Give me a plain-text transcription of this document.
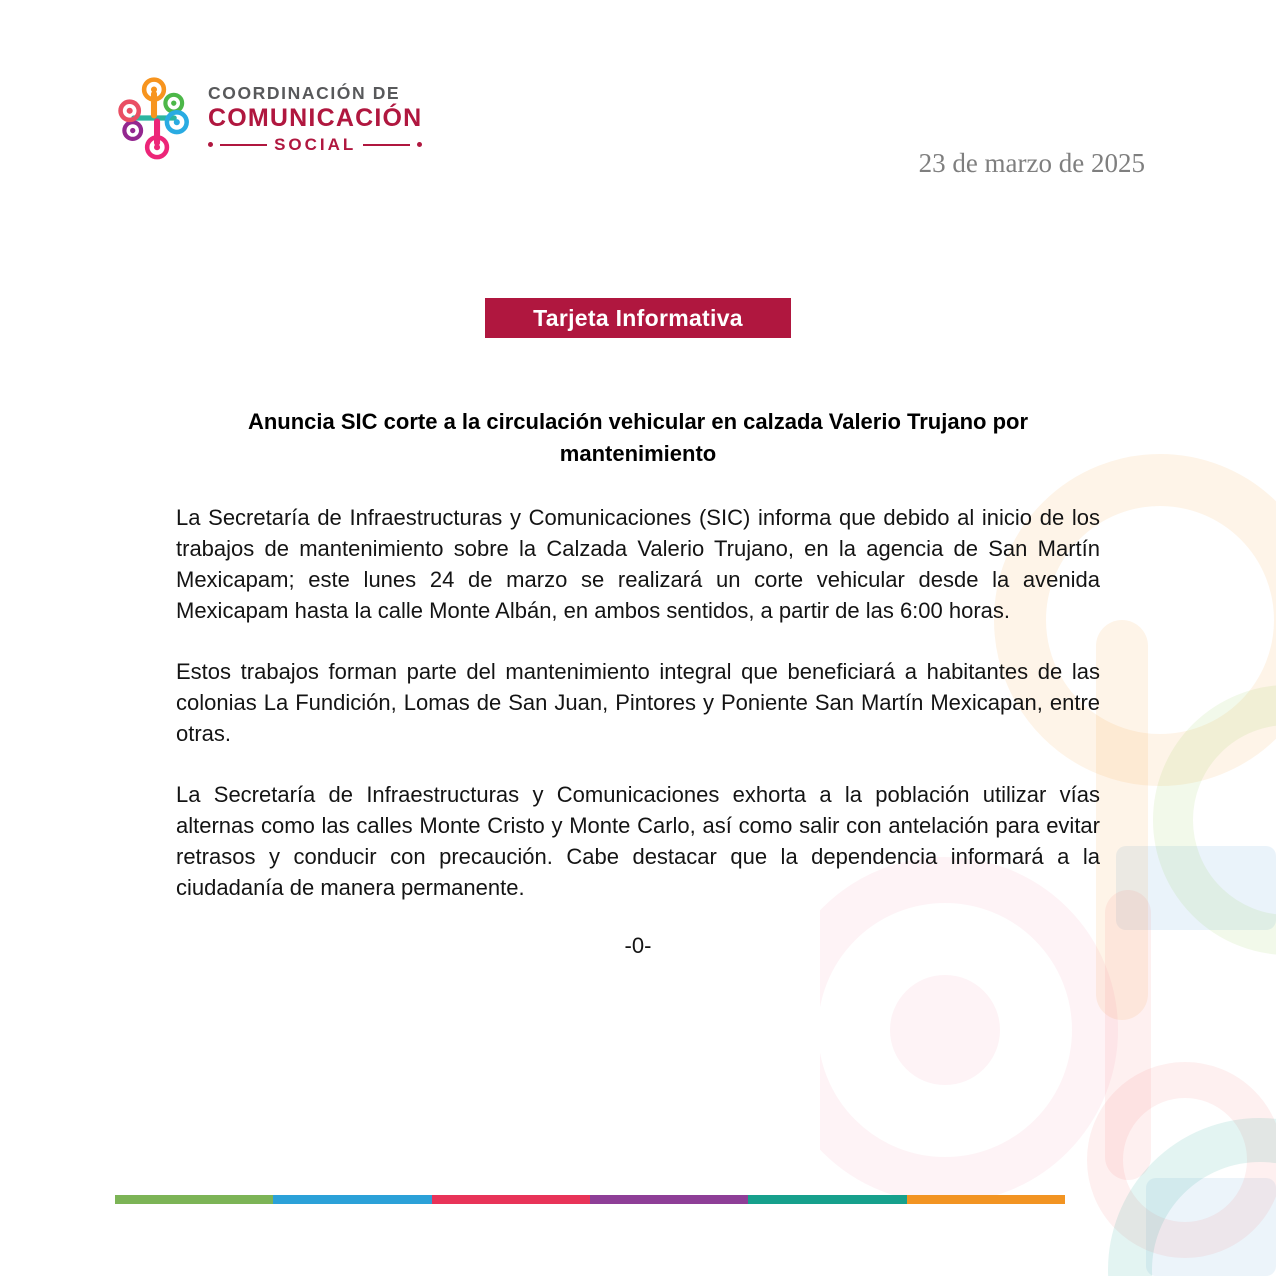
COORDINACIÓN DE
COMUNICACIÓN
SOCIAL
23 de marzo de 2025
Tarjeta Informativa
Anuncia SIC corte a la circulación vehicular en calzada Valerio Trujano por mantenimiento

La Secretaría de Infraestructuras y Comunicaciones (SIC) informa que debido al inicio de los trabajos de mantenimiento sobre la Calzada Valerio Trujano, en la agencia de San Martín Mexicapam; este lunes 24 de marzo se realizará un corte vehicular desde la avenida Mexicapam hasta la calle Monte Albán, en ambos sentidos, a partir de las 6:00 horas.

Estos trabajos forman parte del mantenimiento integral que beneficiará a habitantes de las colonias La Fundición, Lomas de San Juan, Pintores y Poniente San Martín Mexicapan, entre otras.

La Secretaría de Infraestructuras y Comunicaciones exhorta a la población utilizar vías alternas como las calles Monte Cristo y Monte Carlo, así como salir con antelación para evitar retrasos y conducir con precaución. Cabe destacar que la dependencia informará a la ciudadanía de manera permanente.

-0-
